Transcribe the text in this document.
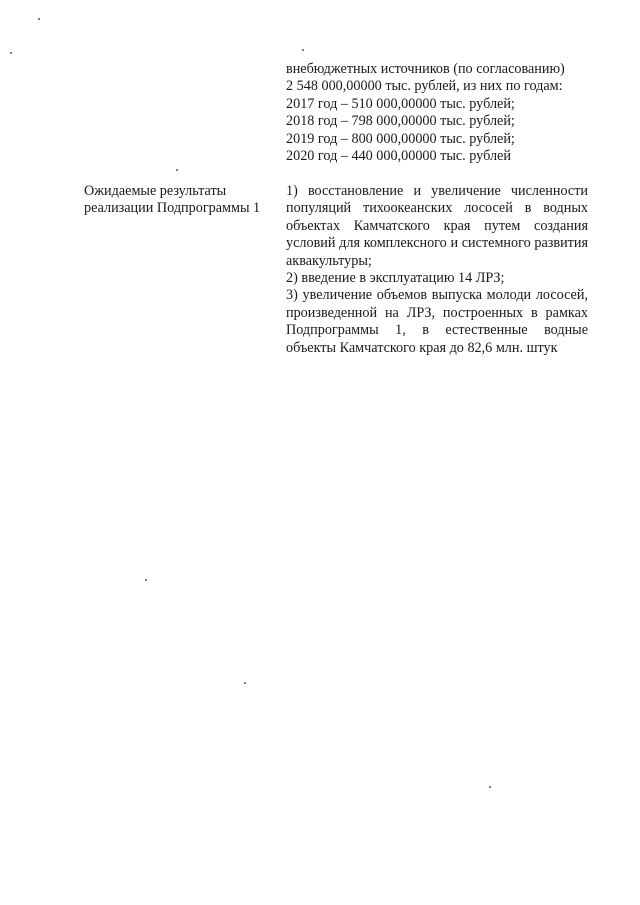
внебюджетных источников (по согласованию)
2 548 000,00000 тыс. рублей, из них по годам:
2017 год – 510 000,00000 тыс. рублей;
2018 год – 798 000,00000 тыс. рублей;
2019 год – 800 000,00000 тыс. рублей;
2020 год – 440 000,00000 тыс. рублей
Ожидаемые результаты реализации Подпрограммы 1

1) восстановление и увеличение численности популяций тихоокеанских лососей в водных объектах Камчатского края путем создания условий для комплексного и системного развития аквакультуры;

2) введение в эксплуатацию 14 ЛРЗ;

3) увеличение объемов выпуска молоди лососей, произведенной на ЛРЗ, построенных в рамках Подпрограммы 1, в естественные водные объекты Камчатского края до 82,6 млн. штук
